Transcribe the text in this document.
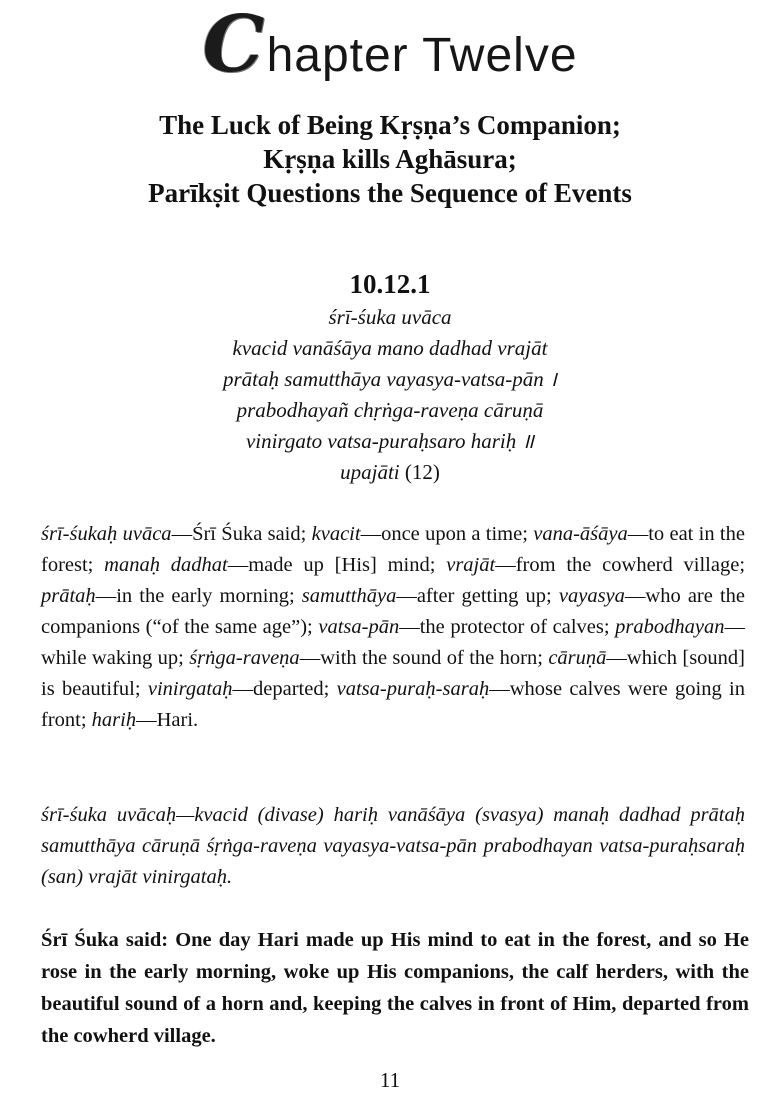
Chapter Twelve
The Luck of Being Kṛṣṇa’s Companion;
Kṛṣṇa kills Aghāsura;
Parīkṣit Questions the Sequence of Events
10.12.1
śrī-śuka uvāca
kvacid vanāśāya mano dadhad vrajāt
prātaḥ samutthāya vayasya-vatsa-pān ।
prabodhayañ chṛṅga-raveṇa cāruṇā
vinirgato vatsa-puraḥsaro hariḥ ॥
upajāti (12)
śrī-śukaḥ uvāca—Śrī Śuka said; kvacit—once upon a time; vana-āśāya—to eat in the forest; manaḥ dadhat—made up [His] mind; vrajāt—from the cowherd village; prātaḥ—in the early morning; samutthāya—after getting up; vayasya—who are the companions (“of the same age”); vatsa-pān—the protector of calves; prabodhayan—while waking up; śṛṅga-raveṇa—with the sound of the horn; cāruṇā—which [sound] is beautiful; vinirgataḥ—departed; vatsa-puraḥ-saraḥ—whose calves were going in front; hariḥ—Hari.
śrī-śuka uvācaḥ—kvacid (divase) hariḥ vanāśāya (svasya) manaḥ dadhad prātaḥ samutthāya cāruṇā śṛṅga-raveṇa vayasya-vatsa-pān prabodhayan vatsa-puraḥsaraḥ (san) vrajāt vinirgataḥ.
Śrī Śuka said: One day Hari made up His mind to eat in the forest, and so He rose in the early morning, woke up His companions, the calf herders, with the beautiful sound of a horn and, keeping the calves in front of Him, departed from the cowherd village.
11
